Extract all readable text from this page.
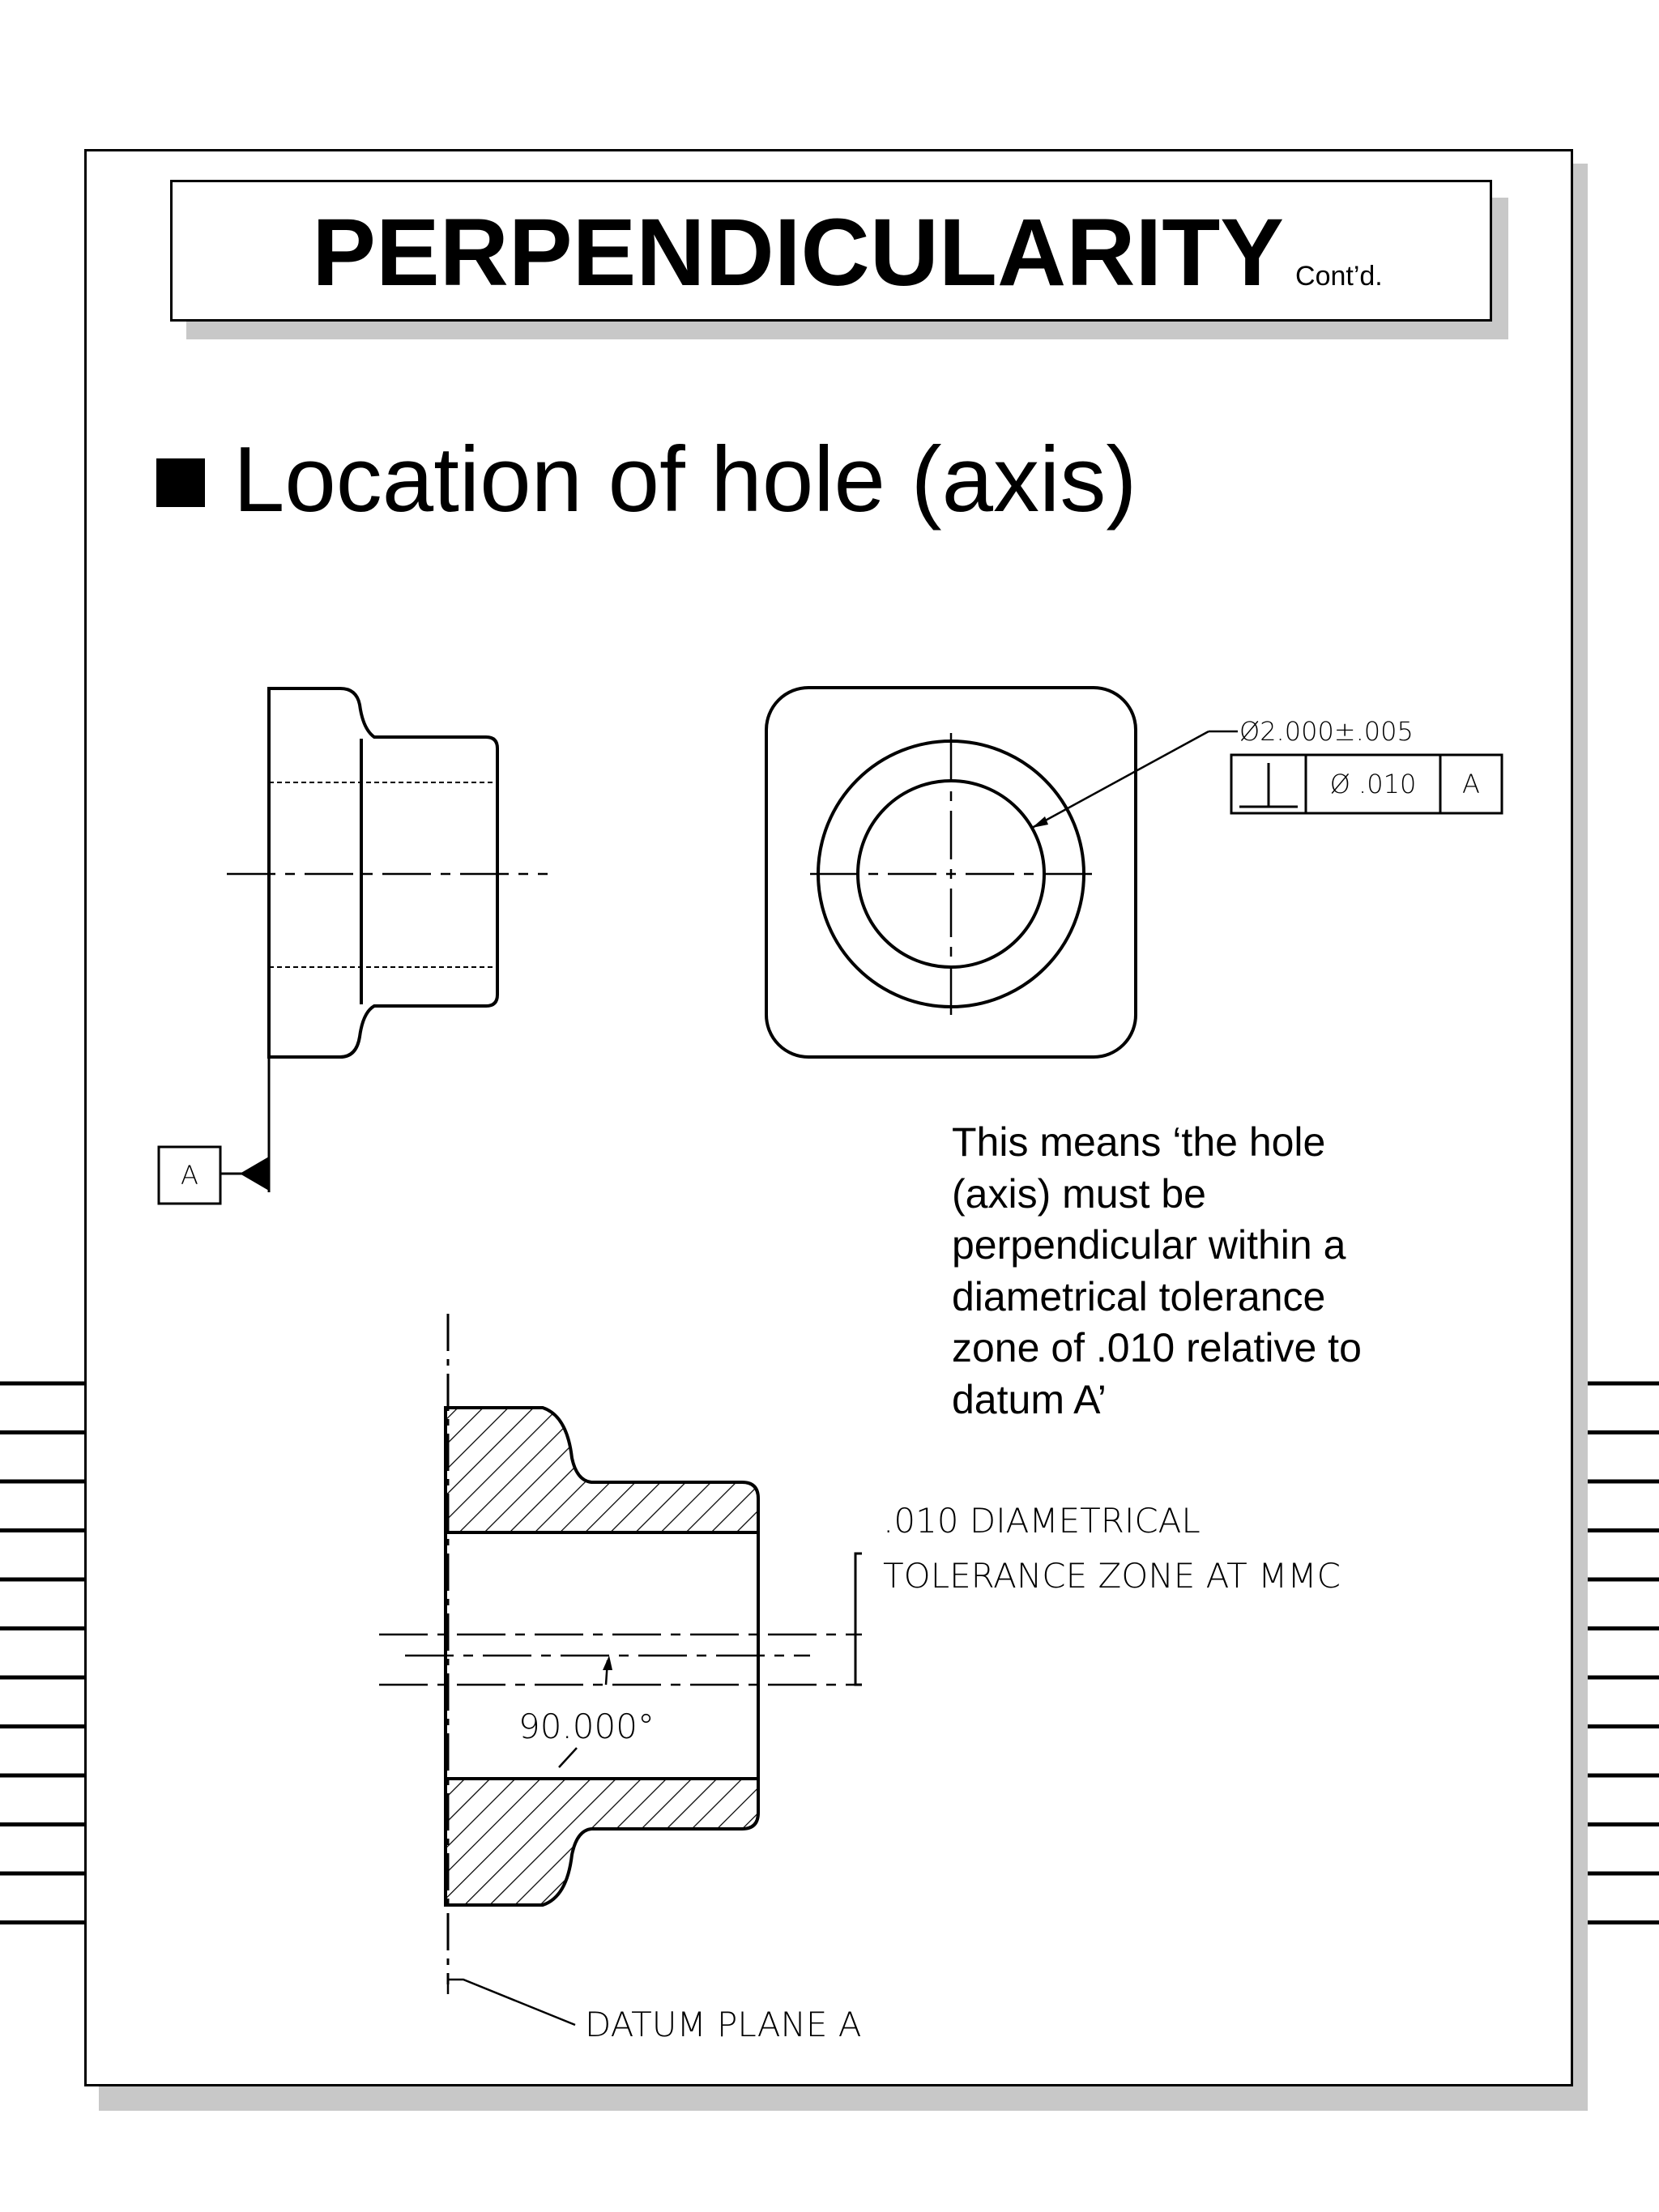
PERPENDICULARITY Cont’d.
Location of hole (axis)
This means ‘the hole
(axis) must be
perpendicular within a
diametrical tolerance
zone of .010 relative to
datum A’
A
Ø2.000±.005
Ø .010 A
.010 DIAMETRICAL
TOLERANCE ZONE AT MMC
90.000°
DATUM PLANE A
